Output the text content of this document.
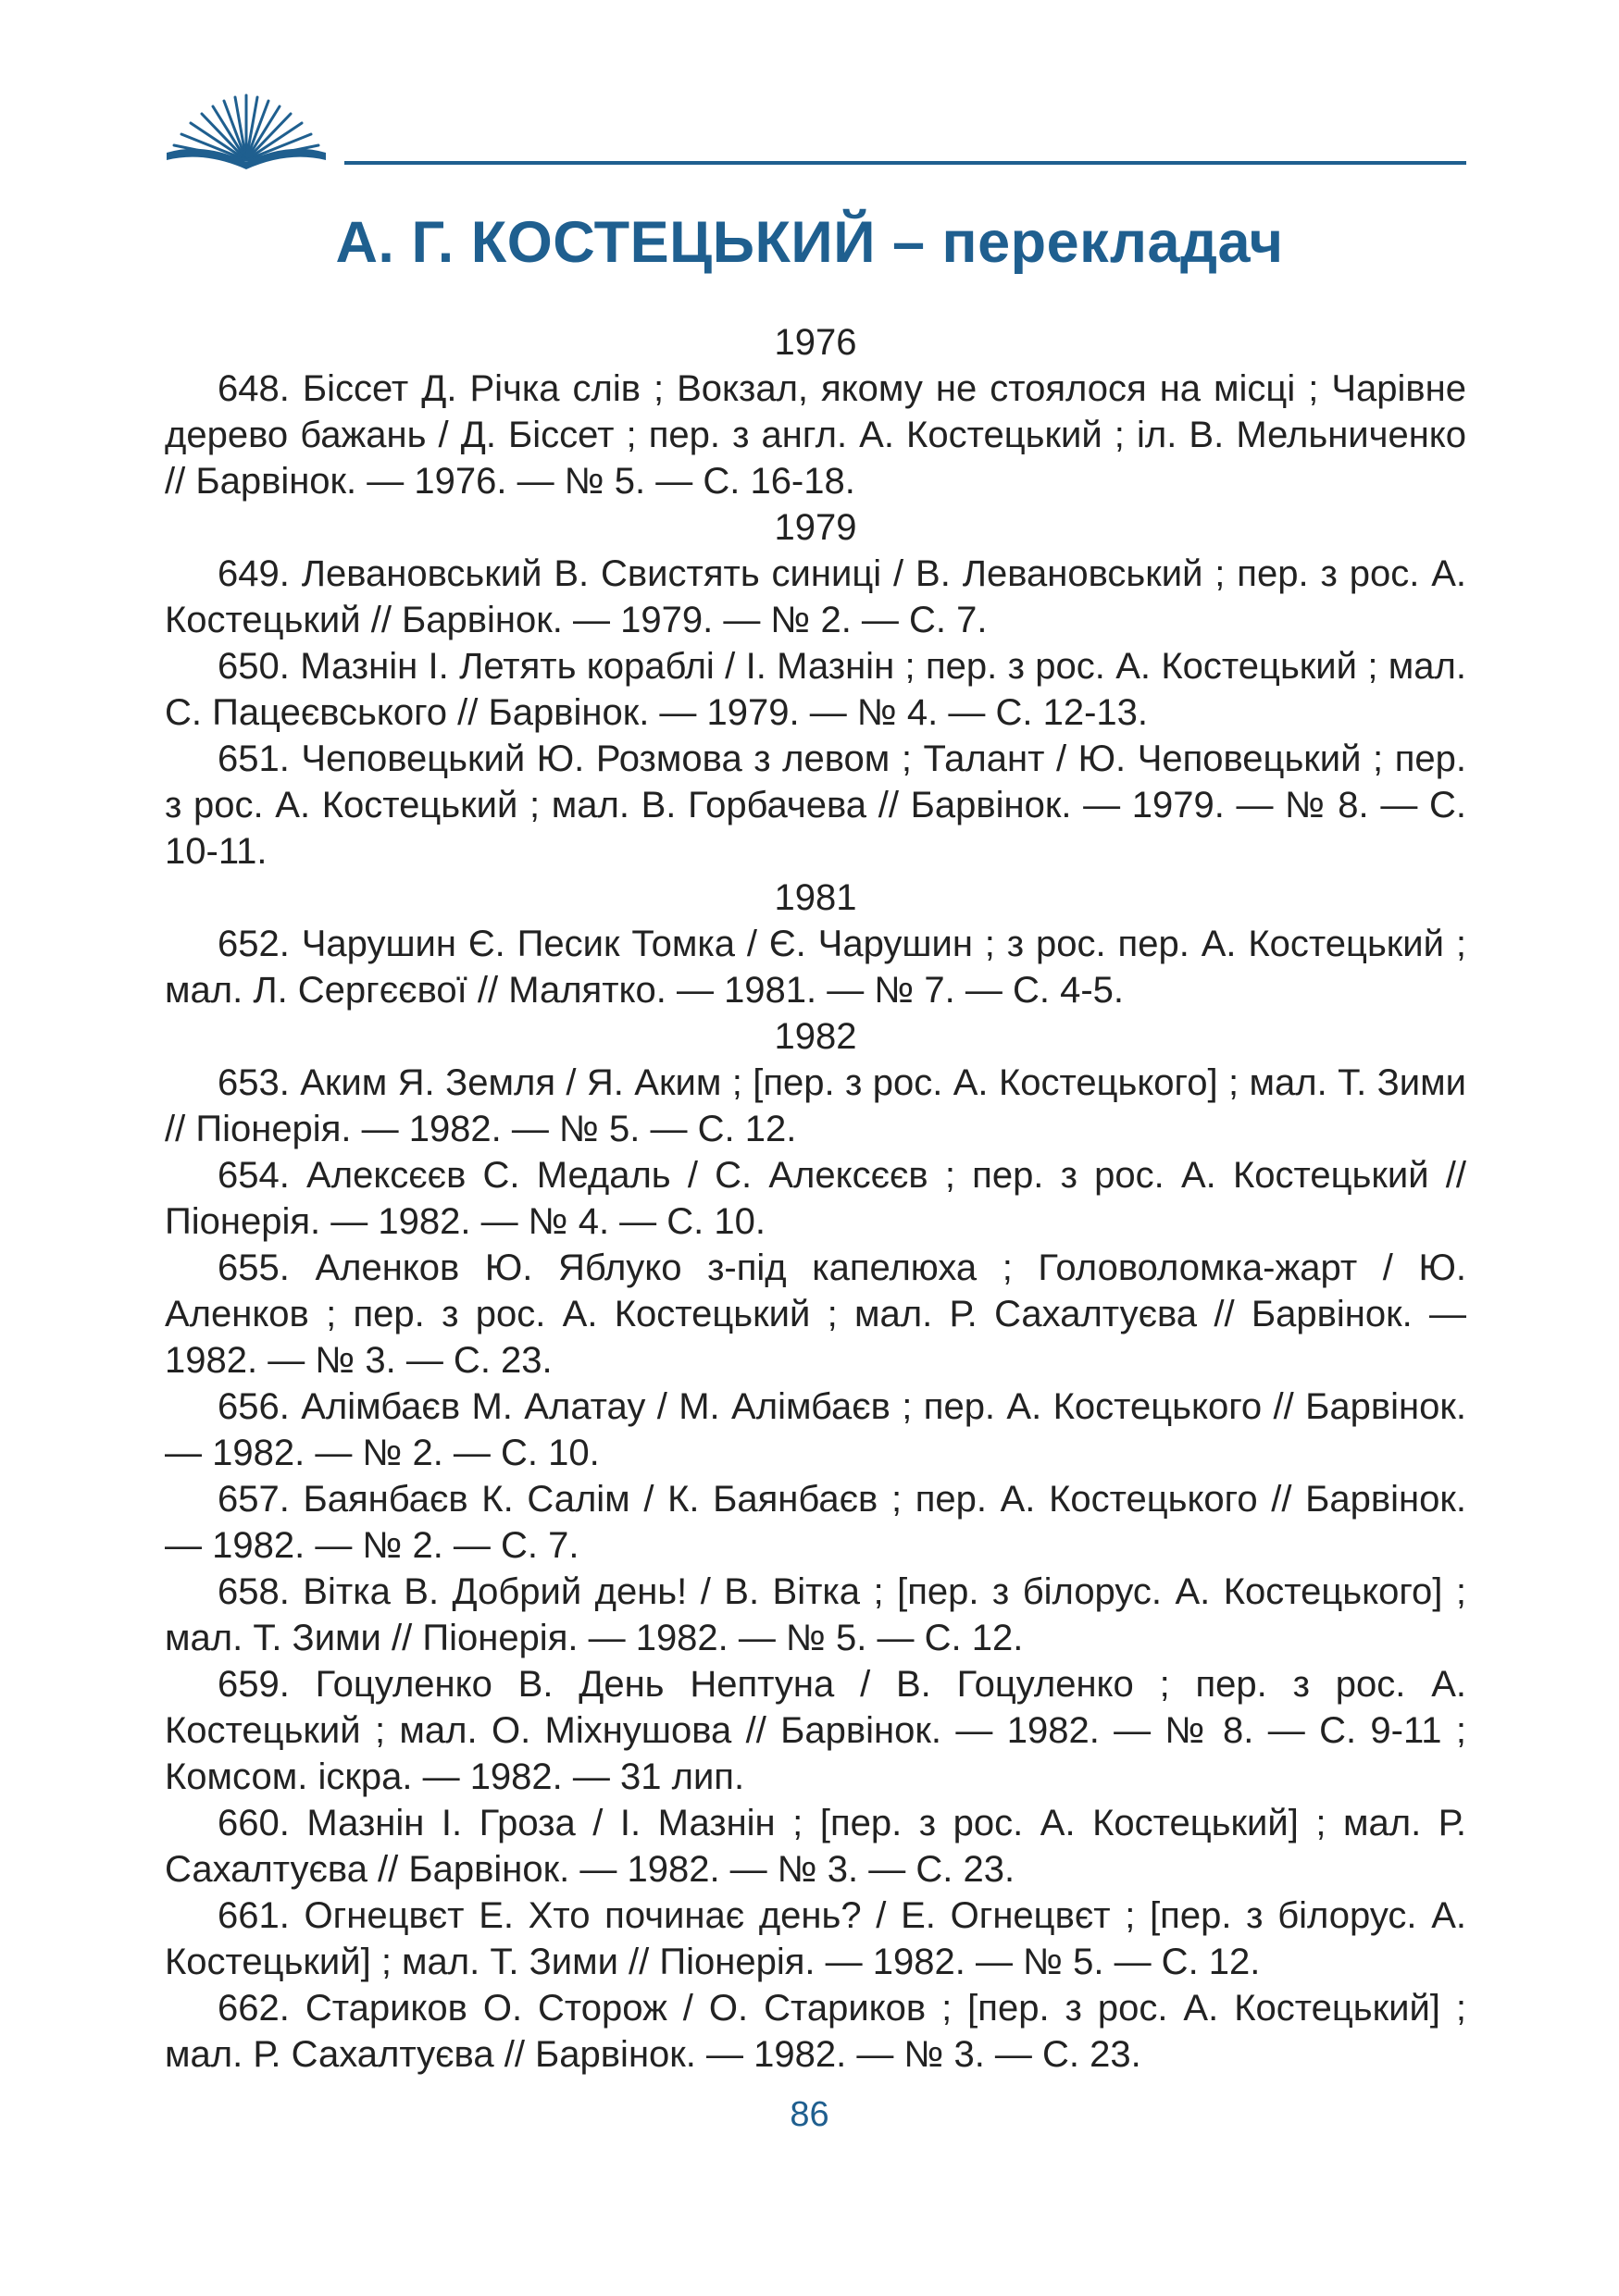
А. Г. КОСТЕЦЬКИЙ – перекладач
1976

648. Біссет Д. Річка слів ; Вокзал, якому не стоялося на місці ; Чарівне дерево бажань / Д. Біссет ; пер. з англ. А. Костецький ; іл. В. Мельниченко // Барвінок. — 1976. — № 5. — С. 16-18.

1979

649. Левановський В. Свистять синиці / В. Левановський ; пер. з рос. А. Костецький // Барвінок. — 1979. — № 2. — С. 7.

650. Мазнін І. Летять кораблі / І. Мазнін ; пер. з рос. А. Костецький ; мал. С. Пацеєвського // Барвінок. — 1979. — № 4. — С. 12-13.

651. Чеповецький Ю. Розмова з левом ; Талант / Ю. Чеповецький ; пер. з рос. А. Костецький ; мал. В. Горбачева // Барвінок. — 1979. — № 8. — С. 10-11.

1981

652. Чарушин Є. Песик Томка / Є. Чарушин ; з рос. пер. А. Костецький ; мал. Л. Сергєєвої // Малятко. — 1981. — № 7. — С. 4-5.

1982

653. Аким Я. Земля / Я. Аким ; [пер. з рос. А. Костецького] ; мал. Т. Зими // Піонерія. — 1982. — № 5. — С. 12.

654. Алексєєв С. Медаль / С. Алексєєв ; пер. з рос. А. Костецький // Піонерія. — 1982. — № 4. — С. 10.

655. Аленков Ю. Яблуко з-під капелюха ; Головоломка-жарт / Ю. Аленков ; пер. з рос. А. Костецький ; мал. Р. Сахалтуєва // Барвінок. — 1982. — № 3. — С. 23.

656. Алімбаєв М. Алатау / М. Алімбаєв ; пер. А. Костецького // Барвінок. — 1982. — № 2. — С. 10.

657. Баянбаєв К. Салім / К. Баянбаєв ; пер. А. Костецького // Барвінок. — 1982. — № 2. — С. 7.

658. Вітка В. Добрий день! / В. Вітка ; [пер. з білорус. А. Костецького] ; мал. Т. Зими // Піонерія. — 1982. — № 5. — С. 12.

659. Гоцуленко В. День Нептуна / В. Гоцуленко ; пер. з рос. А. Костецький ; мал. О. Міхнушова // Барвінок. — 1982. — № 8. — С. 9-11 ; Комсом. іскра. — 1982. — 31 лип.

660. Мазнін І. Гроза / І. Мазнін ; [пер. з рос. А. Костецький] ; мал. Р. Сахалтуєва // Барвінок. — 1982. — № 3. — С. 23.

661. Огнецвєт Е. Хто починає день? / Е. Огнецвєт ; [пер. з білорус. А. Костецький] ; мал. Т. Зими // Піонерія. — 1982. — № 5. — С. 12.

662. Стариков О. Сторож / О. Стариков ; [пер. з рос. А. Костецький] ; мал. Р. Сахалтуєва // Барвінок. — 1982. — № 3. — С. 23.

86
